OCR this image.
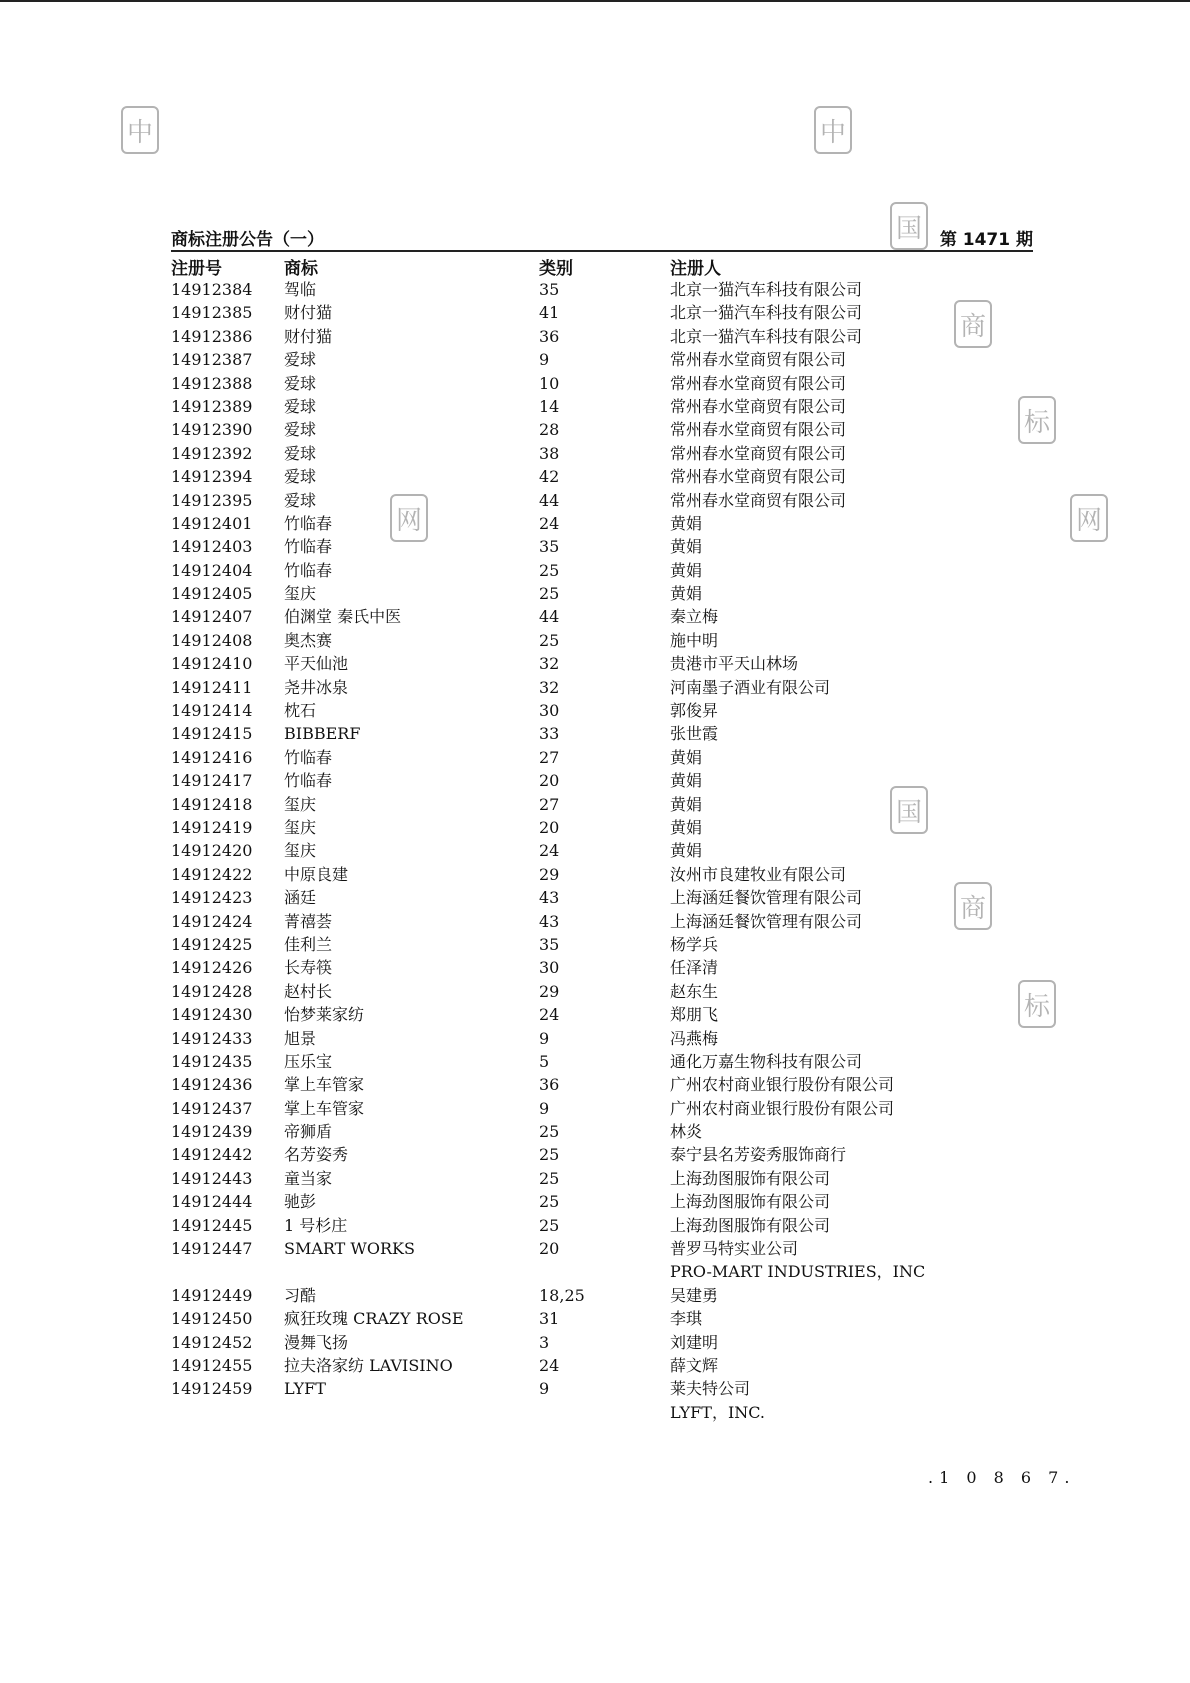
中	中
国
国
商
商
标
标
网	网
商标注册公告（一）	第 1471 期
注册号	商标	类别	注册人
14912384 驾临	35	北京一猫汽车科技有限公司
14912385 财付猫	41	北京一猫汽车科技有限公司
14912386 财付猫	36	北京一猫汽车科技有限公司
14912387 爱球	9	常州春水堂商贸有限公司
14912388 爱球	10	常州春水堂商贸有限公司
14912389 爱球	14	常州春水堂商贸有限公司
14912390 爱球	28	常州春水堂商贸有限公司
14912392 爱球	38	常州春水堂商贸有限公司
14912394 爱球	42	常州春水堂商贸有限公司
14912395 爱球	44	常州春水堂商贸有限公司
14912401 竹临春	24	黄娟
14912403 竹临春	35	黄娟
14912404 竹临春	25	黄娟
14912405 玺庆	25	黄娟
14912407 伯渊堂 秦氏中医	44	秦立梅
14912408 奥杰赛	25	施中明
14912410 平天仙池	32	贵港市平天山林场
14912411 尧井冰泉	32	河南墨子酒业有限公司
14912414 枕石	30	郭俊昇
14912415 BIBBERF	33	张世霞
14912416 竹临春	27	黄娟
14912417 竹临春	20	黄娟
14912418 玺庆	27	黄娟
14912419 玺庆	20	黄娟
14912420 玺庆	24	黄娟
14912422 中原良建	29	汝州市良建牧业有限公司
14912423 涵廷	43	上海涵廷餐饮管理有限公司
14912424 菁禧荟	43	上海涵廷餐饮管理有限公司
14912425 佳利兰	35	杨学兵
14912426 长寿筷	30	任泽清
14912428 赵村长	29	赵东生
14912430 怡梦莱家纺	24	郑朋飞
14912433 旭景	9	冯燕梅
14912435 压乐宝	5	通化万嘉生物科技有限公司
14912436 掌上车管家	36	广州农村商业银行股份有限公司
14912437 掌上车管家	9	广州农村商业银行股份有限公司
14912439 帝狮盾	25	林炎
14912442 名芳姿秀	25	泰宁县名芳姿秀服饰商行
14912443 童当家	25	上海劲图服饰有限公司
14912444 驰彭	25	上海劲图服饰有限公司
14912445 1 号杉庄	25	上海劲图服饰有限公司
14912447 SMART WORKS	20	普罗马特实业公司
PRO-MART INDUSTRIES，INC
14912449 习酷	18,25	吴建勇
14912450 疯狂玫瑰 CRAZY ROSE	31	李琪
14912452 漫舞飞扬	3	刘建明
14912455 拉夫洛家纺 LAVISINO	24	薛文辉
14912459 LYFT	9	莱夫特公司
LYFT，INC.
.1 0 8 6 7.
